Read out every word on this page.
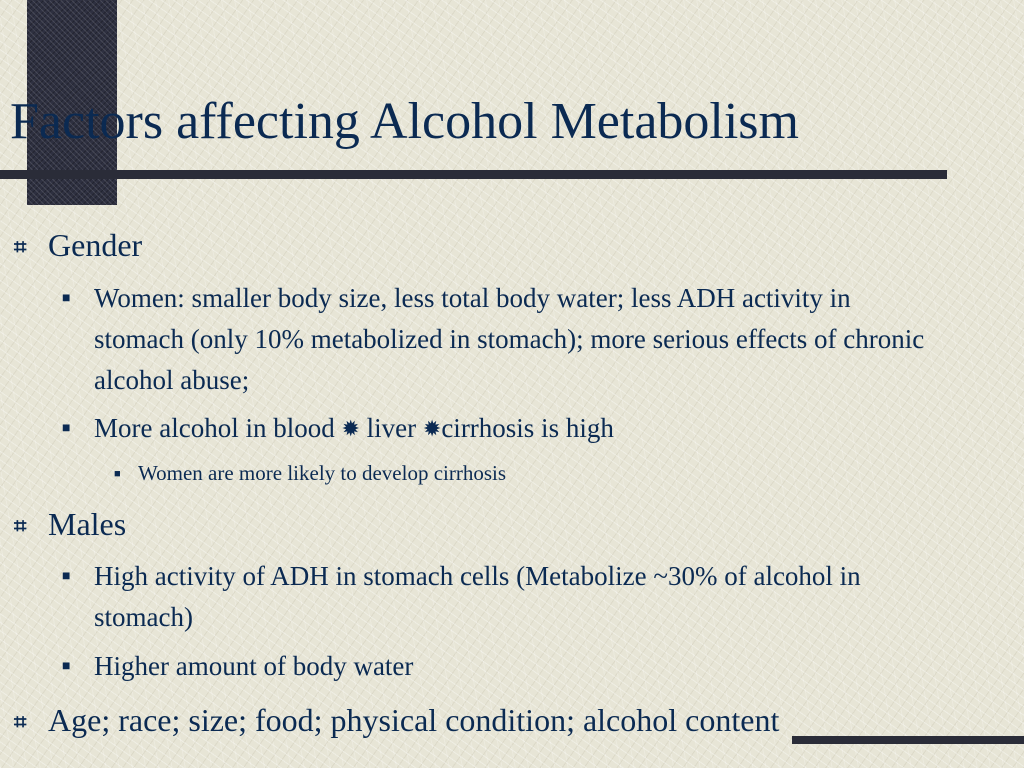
Factors affecting Alcohol Metabolism
⌗ Gender
■ Women: smaller body size, less total body water; less ADH activity in stomach (only 10% metabolized in stomach); more serious effects of chronic alcohol abuse;
■ More alcohol in blood ✹ liver ✹cirrhosis is high
■ Women are more likely to develop cirrhosis
⌗ Males
■ High activity of ADH in stomach cells (Metabolize ~30% of alcohol in stomach)
■ Higher amount of body water
⌗ Age; race; size; food; physical condition; alcohol content
